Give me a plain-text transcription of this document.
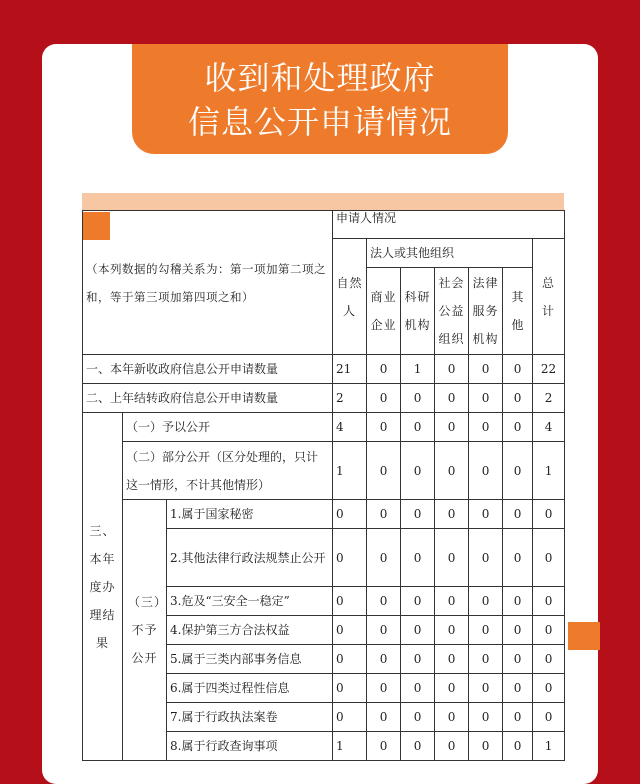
收到和处理政府
信息公开申请情况
（本列数据的勾稽关系为：第一项加第二项之和，等于第三项加第四项之和）			申请人情况						
			自然人	法人或其他组织					总计
				商业企业	科研机构	社会公益组织	法律服务机构	其他	

一、本年新收政府信息公开申请数量			21	0	1	0	0	0	22
二、上年结转政府信息公开申请数量			2	0	0	0	0	0	2
三、本年度办理结果	（一）予以公开		4	0	0	0	0	0	4
	（二）部分公开（区分处理的，只计这一情形，不计其他情形）		1	0	0	0	0	0	1
	（三）不予公开	1.属于国家秘密	0	0	0	0	0	0	0
		2.其他法律行政法规禁止公开	0	0	0	0	0	0	0
		3.危及“三安全一稳定”	0	0	0	0	0	0	0
		4.保护第三方合法权益	0	0	0	0	0	0	0
		5.属于三类内部事务信息	0	0	0	0	0	0	0
		6.属于四类过程性信息	0	0	0	0	0	0	0
		7.属于行政执法案卷	0	0	0	0	0	0	0
		8.属于行政查询事项	1	0	0	0	0	0	1
